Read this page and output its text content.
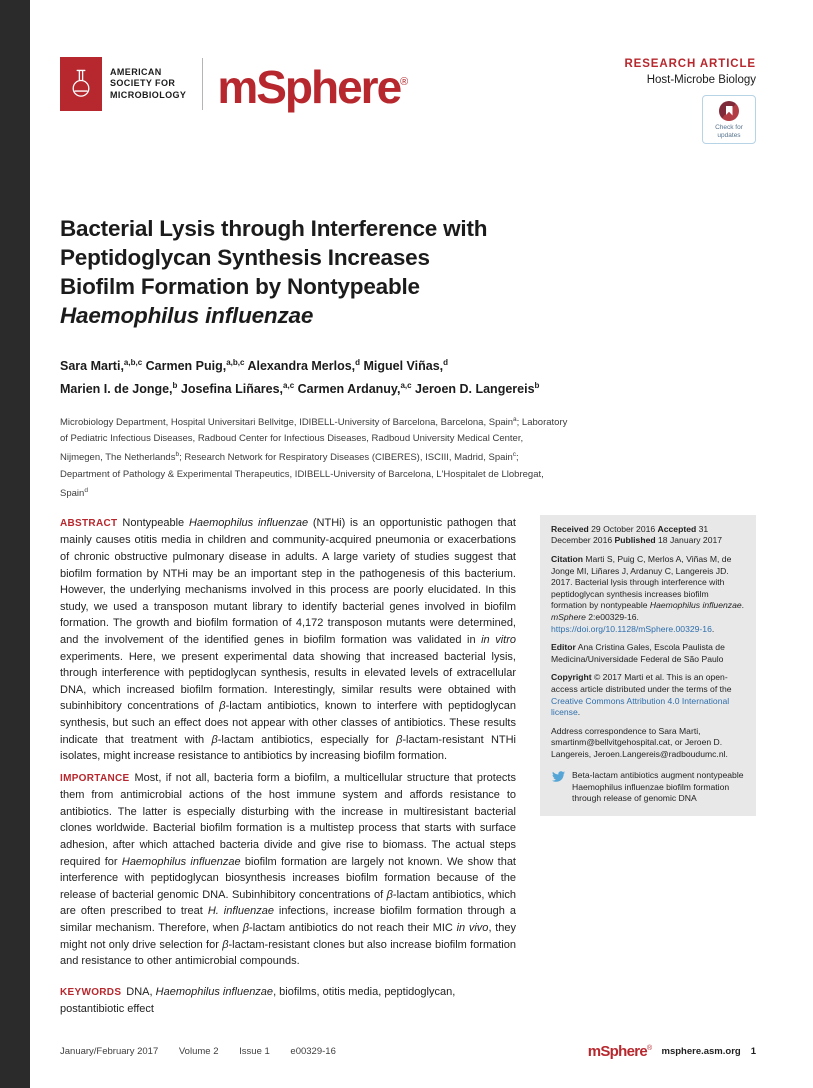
AMERICAN
SOCIETY FOR
MICROBIOLOGY mSphere®
RESEARCH ARTICLE
Host-Microbe Biology
Check for
updates
Bacterial Lysis through Interference with
Peptidoglycan Synthesis Increases
Biofilm Formation by Nontypeable
Haemophilus influenzae

Sara Marti,$^{a,b,c}$ Carmen Puig,$^{a,b,c}$ Alexandra Merlos,$^d$ Miguel Viñas,$^d$
Marien I. de Jonge,$^b$ Josefina Liñares,$^{a,c}$ Carmen Ardanuy,$^{a,c}$ Jeroen D. Langereis$^b$

Microbiology Department, Hospital Universitari Bellvitge, IDIBELL-University of Barcelona, Barcelona, Spain$^a$; Laboratory of Pediatric Infectious Diseases, Radboud Center for Infectious Diseases, Radboud University Medical Center, Nijmegen, The Netherlands$^b$; Research Network for Respiratory Diseases (CIBERES), ISCIII, Madrid, Spain$^c$; Department of Pathology & Experimental Therapeutics, IDIBELL-University of Barcelona, L'Hospitalet de Llobregat, Spain$^d$

ABSTRACT Nontypeable Haemophilus influenzae (NTHi) is an opportunistic pathogen that mainly causes otitis media in children and community-acquired pneumonia or exacerbations of chronic obstructive pulmonary disease in adults. A large variety of studies suggest that biofilm formation by NTHi may be an important step in the pathogenesis of this bacterium. However, the underlying mechanisms involved in this process are poorly elucidated. In this study, we used a transposon mutant library to identify bacterial genes involved in biofilm formation. The growth and biofilm formation of 4,172 transposon mutants were determined, and the involvement of the identified genes in biofilm formation was validated in in vitro experiments. Here, we present experimental data showing that increased bacterial lysis, through interference with peptidoglycan synthesis, results in elevated levels of extracellular DNA, which increased biofilm formation. Interestingly, similar results were obtained with subinhibitory concentrations of β-lactam antibiotics, known to interfere with peptidoglycan synthesis, but such an effect does not appear with other classes of antibiotics. These results indicate that treatment with β-lactam antibiotics, especially for β-lactam-resistant NTHi isolates, might increase resistance to antibiotics by increasing biofilm formation.

IMPORTANCE Most, if not all, bacteria form a biofilm, a multicellular structure that protects them from antimicrobial actions of the host immune system and affords resistance to antibiotics. The latter is especially disturbing with the increase in multiresistant bacterial clones worldwide. Bacterial biofilm formation is a multistep process that starts with surface adhesion, after which attached bacteria divide and give rise to biomass. The actual steps required for Haemophilus influenzae biofilm formation are largely not known. We show that interference with peptidoglycan biosynthesis increases biofilm formation because of the release of bacterial genomic DNA. Subinhibitory concentrations of β-lactam antibiotics, which are often prescribed to treat H. influenzae infections, increase biofilm formation through a similar mechanism. Therefore, when β-lactam antibiotics do not reach their MIC in vivo, they might not only drive selection for β-lactam-resistant clones but also increase biofilm formation and resistance to other antimicrobial compounds.

KEYWORDS DNA, Haemophilus influenzae, biofilms, otitis media, peptidoglycan, postantibiotic effect

Received 29 October 2016 Accepted 31 December 2016 Published 18 January 2017

Citation Marti S, Puig C, Merlos A, Viñas M, de Jonge MI, Liñares J, Ardanuy C, Langereis JD. 2017. Bacterial lysis through interference with peptidoglycan synthesis increases biofilm formation by nontypeable Haemophilus influenzae. mSphere 2:e00329-16. https://doi.org/10.1128/mSphere.00329-16.

Editor Ana Cristina Gales, Escola Paulista de Medicina/Universidade Federal de São Paulo

Copyright © 2017 Marti et al. This is an open-access article distributed under the terms of the Creative Commons Attribution 4.0 International license.

Address correspondence to Sara Marti, smartinm@bellvitgehospital.cat, or Jeroen D. Langereis, Jeroen.Langereis@radboudumc.nl.

Beta-lactam antibiotics augment nontypeable Haemophilus influenzae biofilm formation through release of genomic DNA
January/February 2017 Volume 2 Issue 1 e00329-16	mSphere® msphere.asm.org 1
